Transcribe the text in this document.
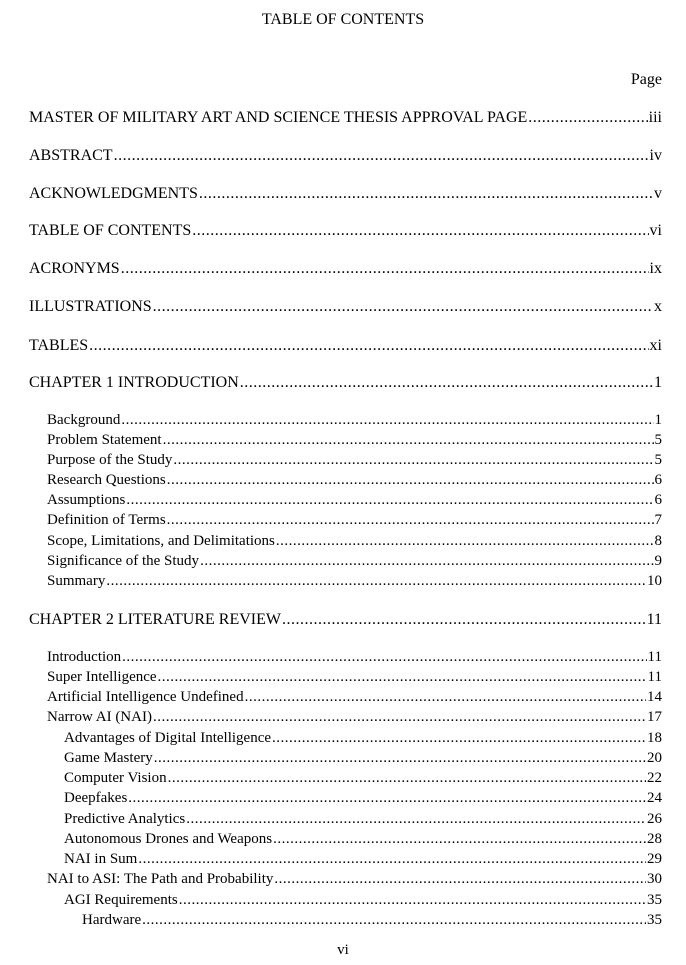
TABLE OF CONTENTS
Page
MASTER OF MILITARY ART AND SCIENCE THESIS APPROVAL PAGE .....	iii
ABSTRACT .....	iv
ACKNOWLEDGMENTS .....	v
TABLE OF CONTENTS .....	vi
ACRONYMS .....	ix
ILLUSTRATIONS .....	x
TABLES .....	xi
CHAPTER 1 INTRODUCTION .....	1
Background .....	1
Problem Statement .....	5
Purpose of the Study .....	5
Research Questions .....	6
Assumptions .....	6
Definition of Terms .....	7
Scope, Limitations, and Delimitations .....	8
Significance of the Study .....	9
Summary .....	10
CHAPTER 2 LITERATURE REVIEW .....	11
Introduction .....	11
Super Intelligence .....	11
Artificial Intelligence Undefined .....	14
Narrow AI (NAI) .....	17
Advantages of Digital Intelligence .....	18
Game Mastery .....	20
Computer Vision .....	22
Deepfakes .....	24
Predictive Analytics .....	26
Autonomous Drones and Weapons .....	28
NAI in Sum .....	29
NAI to ASI: The Path and Probability .....	30
AGI Requirements .....	35
Hardware .....	35
vi
